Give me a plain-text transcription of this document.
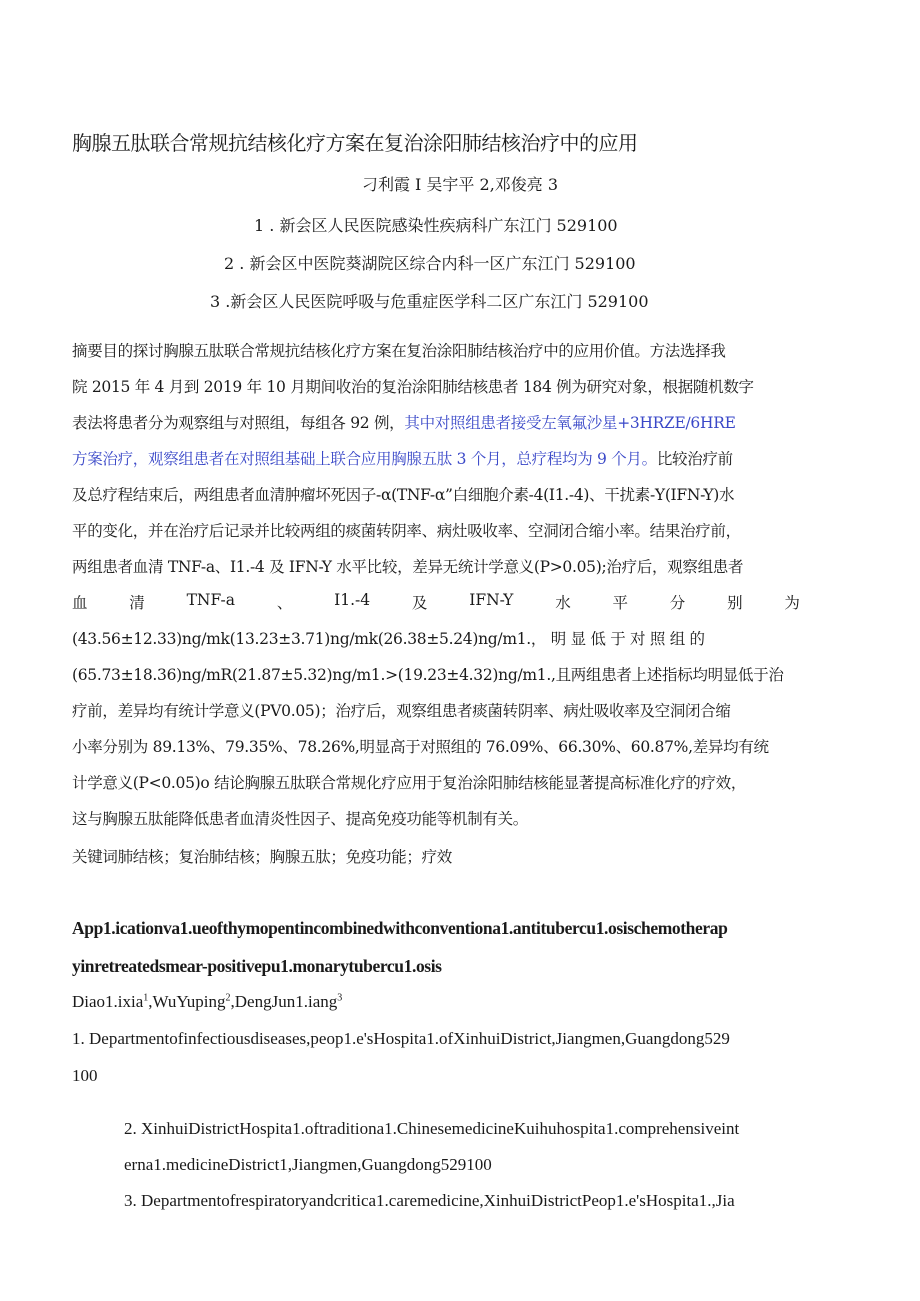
胸腺五肽联合常规抗结核化疗方案在复治涂阳肺结核治疗中的应用
刁利霞 I 吴宇平 2,邓俊亮 3
1 . 新会区人民医院感染性疾病科广东江门 529100
2 . 新会区中医院葵湖院区综合内科一区广东江门 529100
3 .新会区人民医院呼吸与危重症医学科二区广东江门 529100
摘要目的探讨胸腺五肽联合常规抗结核化疗方案在复治涂阳肺结核治疗中的应用价值。方法选择我
院 2015 年 4 月到 2019 年 10 月期间收治的复治涂阳肺结核患者 184 例为研究对象，根据随机数字
表法将患者分为观察组与对照组，每组各 92 例，其中对照组患者接受左氧氟沙星+3HRZE∕6HRE
方案治疗，观察组患者在对照组基础上联合应用胸腺五肽 3 个月，总疗程均为 9 个月。比较治疗前
及总疗程结束后，两组患者血清肿瘤坏死因子-α(TNF-α”白细胞介素-4(I1.-4)、干扰素-Y(IFN-Y)水
平的变化，并在治疗后记录并比较两组的痰菌转阴率、病灶吸收率、空洞闭合缩小率。结果治疗前，
两组患者血清 TNF-a、I1.-4 及 IFN-Y 水平比较，差异无统计学意义(P>0.05);治疗后，观察组患者
血	清	TNF-a	、	I1.-4	及	IFN-Y	水	平	分	别	为
(43.56±12.33)ng/mk(13.23±3.71)ng/mk(26.38±5.24)ng/m1.， 明 显 低 于 对 照 组 的
(65.73±18.36)ng/mR(21.87±5.32)ng∕m1.>(19.23±4.32)ng/m1.,且两组患者上述指标均明显低于治
疗前，差异均有统计学意义(PV0.05)；治疗后，观察组患者痰菌转阴率、病灶吸收率及空洞闭合缩
小率分别为 89.13%、79.35%、78.26%,明显高于对照组的 76.09%、66.30%、60.87%,差异均有统
计学意义(P<0.05)o 结论胸腺五肽联合常规化疗应用于复治涂阳肺结核能显著提高标准化疗的疗效，
这与胸腺五肽能降低患者血清炎性因子、提高免疫功能等机制有关。
关键词肺结核；复治肺结核；胸腺五肽；免疫功能；疗效
App1.icationva1.ueofthymopentincombinedwithconventiona1.antitubercu1.osischemotherap
yinretreatedsmear-positivepu1.monarytubercu1.osis
Diao1.ixia$^1$,WuYuping$^2$,DengJun1.iang$^3$
1. Departmentofinfectiousdiseases,peop1.e'sHospita1.ofXinhuiDistrict,Jiangmen,Guangdong529
100
2. XinhuiDistrictHospita1.oftraditiona1.ChinesemedicineKuihuhospita1.comprehensiveint
erna1.medicineDistrict1,Jiangmen,Guangdong529100
3. Departmentofrespiratoryandcritica1.caremedicine,XinhuiDistrictPeop1.e'sHospita1.,Jia
